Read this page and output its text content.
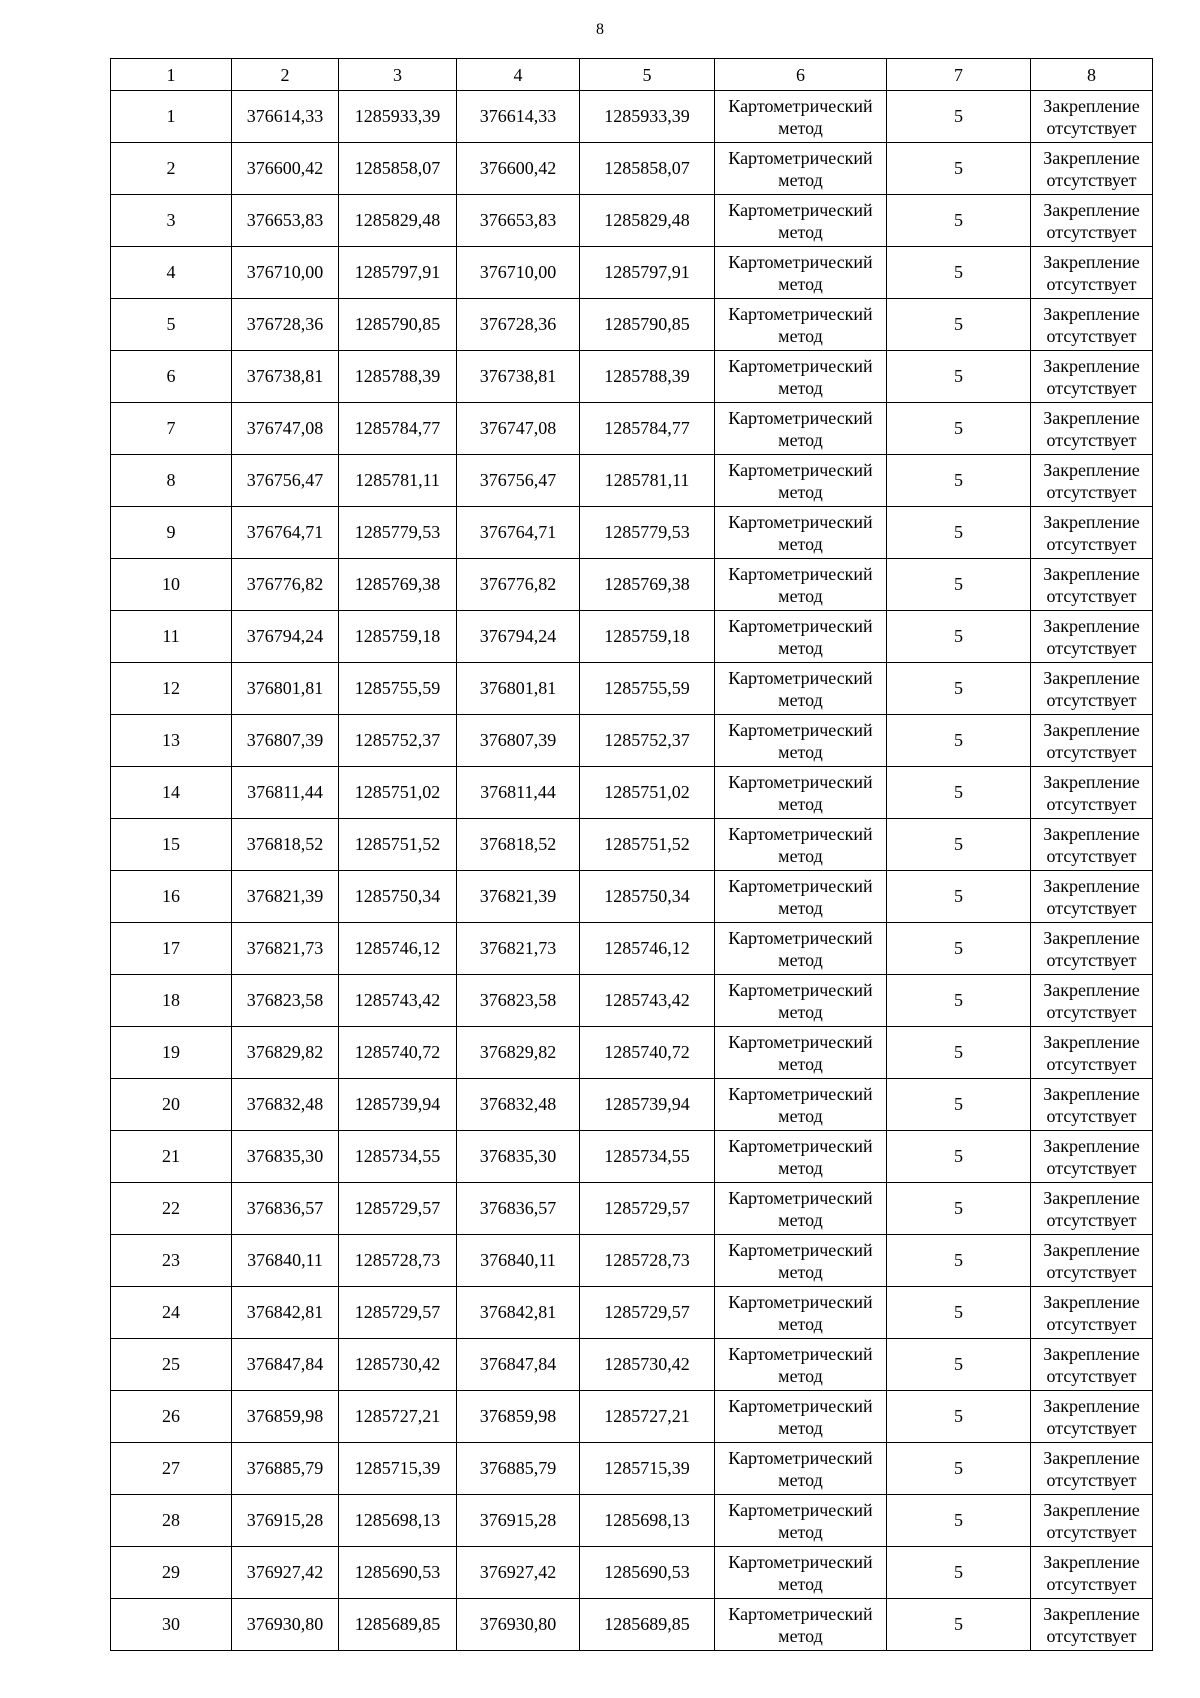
8
1	2	3	4	5	6	7	8
1	376614,33	1285933,39	376614,33	1285933,39	Картометрический
метод	5	Закрепление
отсутствует

2	376600,42	1285858,07	376600,42	1285858,07	Картометрический
метод	5	Закрепление
отсутствует

3	376653,83	1285829,48	376653,83	1285829,48	Картометрический
метод	5	Закрепление
отсутствует

4	376710,00	1285797,91	376710,00	1285797,91	Картометрический
метод	5	Закрепление
отсутствует

5	376728,36	1285790,85	376728,36	1285790,85	Картометрический
метод	5	Закрепление
отсутствует

6	376738,81	1285788,39	376738,81	1285788,39	Картометрический
метод	5	Закрепление
отсутствует

7	376747,08	1285784,77	376747,08	1285784,77	Картометрический
метод	5	Закрепление
отсутствует

8	376756,47	1285781,11	376756,47	1285781,11	Картометрический
метод	5	Закрепление
отсутствует

9	376764,71	1285779,53	376764,71	1285779,53	Картометрический
метод	5	Закрепление
отсутствует

10	376776,82	1285769,38	376776,82	1285769,38	Картометрический
метод	5	Закрепление
отсутствует

11	376794,24	1285759,18	376794,24	1285759,18	Картометрический
метод	5	Закрепление
отсутствует

12	376801,81	1285755,59	376801,81	1285755,59	Картометрический
метод	5	Закрепление
отсутствует

13	376807,39	1285752,37	376807,39	1285752,37	Картометрический
метод	5	Закрепление
отсутствует

14	376811,44	1285751,02	376811,44	1285751,02	Картометрический
метод	5	Закрепление
отсутствует

15	376818,52	1285751,52	376818,52	1285751,52	Картометрический
метод	5	Закрепление
отсутствует

16	376821,39	1285750,34	376821,39	1285750,34	Картометрический
метод	5	Закрепление
отсутствует

17	376821,73	1285746,12	376821,73	1285746,12	Картометрический
метод	5	Закрепление
отсутствует

18	376823,58	1285743,42	376823,58	1285743,42	Картометрический
метод	5	Закрепление
отсутствует

19	376829,82	1285740,72	376829,82	1285740,72	Картометрический
метод	5	Закрепление
отсутствует

20	376832,48	1285739,94	376832,48	1285739,94	Картометрический
метод	5	Закрепление
отсутствует

21	376835,30	1285734,55	376835,30	1285734,55	Картометрический
метод	5	Закрепление
отсутствует

22	376836,57	1285729,57	376836,57	1285729,57	Картометрический
метод	5	Закрепление
отсутствует

23	376840,11	1285728,73	376840,11	1285728,73	Картометрический
метод	5	Закрепление
отсутствует

24	376842,81	1285729,57	376842,81	1285729,57	Картометрический
метод	5	Закрепление
отсутствует

25	376847,84	1285730,42	376847,84	1285730,42	Картометрический
метод	5	Закрепление
отсутствует

26	376859,98	1285727,21	376859,98	1285727,21	Картометрический
метод	5	Закрепление
отсутствует

27	376885,79	1285715,39	376885,79	1285715,39	Картометрический
метод	5	Закрепление
отсутствует

28	376915,28	1285698,13	376915,28	1285698,13	Картометрический
метод	5	Закрепление
отсутствует

29	376927,42	1285690,53	376927,42	1285690,53	Картометрический
метод	5	Закрепление
отсутствует

30	376930,80	1285689,85	376930,80	1285689,85	Картометрический
метод	5	Закрепление
отсутствует
